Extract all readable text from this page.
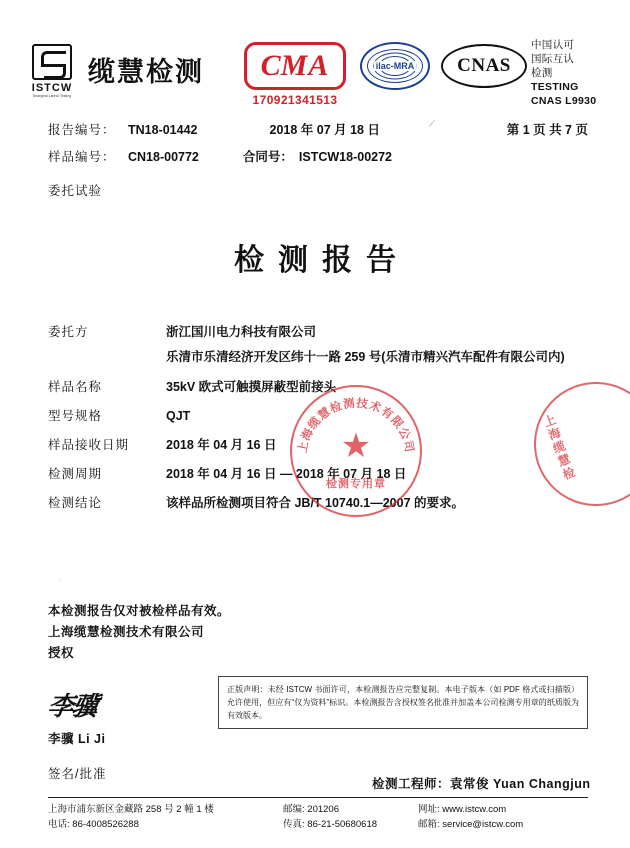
ISTCW
Shanghai Lanhui Testing
缆慧检测 C MA
170921341513
ilac-MRA CNAS
中国认可
国际互认
检测
TESTING
CNAS L9930
报告编号： TN18-01442	2018 年 07 月 18 日	第 1 页 共 7 页
样品编号： CN18-00772	合同号： ISTCW18-00272
委托试验
检测报告
委托方	浙江国川电力科技有限公司
乐清市乐清经济开发区纬十一路 259 号(乐清市精兴汽车配件有限公司内)
样品名称	35kV 欧式可触摸屏蔽型前接头
型号规格	QJT
样品接收日期	2018 年 04 月 16 日
检测周期	2018 年 04 月 16 日 — 2018 年 07 月 18 日
检测结论	该样品所检测项目符合 JB/T 10740.1—2007 的要求。
上海缆慧检测技术有限公司
★
检测专用章
上海缆慧检
本检测报告仅对被检样品有效。
上海缆慧检测技术有限公司
授权
正版声明：未经 ISTCW 书面许可，本检测报告应完整复制。本电子版本（如 PDF 格式或扫描版）允许使用，但应有“仅为资料”标识。本检测报告含授权签名批准并加盖本公司检测专用章的纸质版为有效版本。
李骥
李骥 Li Ji
签名/批准
检测工程师：袁常俊 Yuan Changjun
上海市浦东新区金藏路 258 号 2 幢 1 楼	邮编: 201206	网址: www.istcw.com
电话: 86-4008526288	传真: 86-21-50680618	邮箱: service@istcw.com
.
/
